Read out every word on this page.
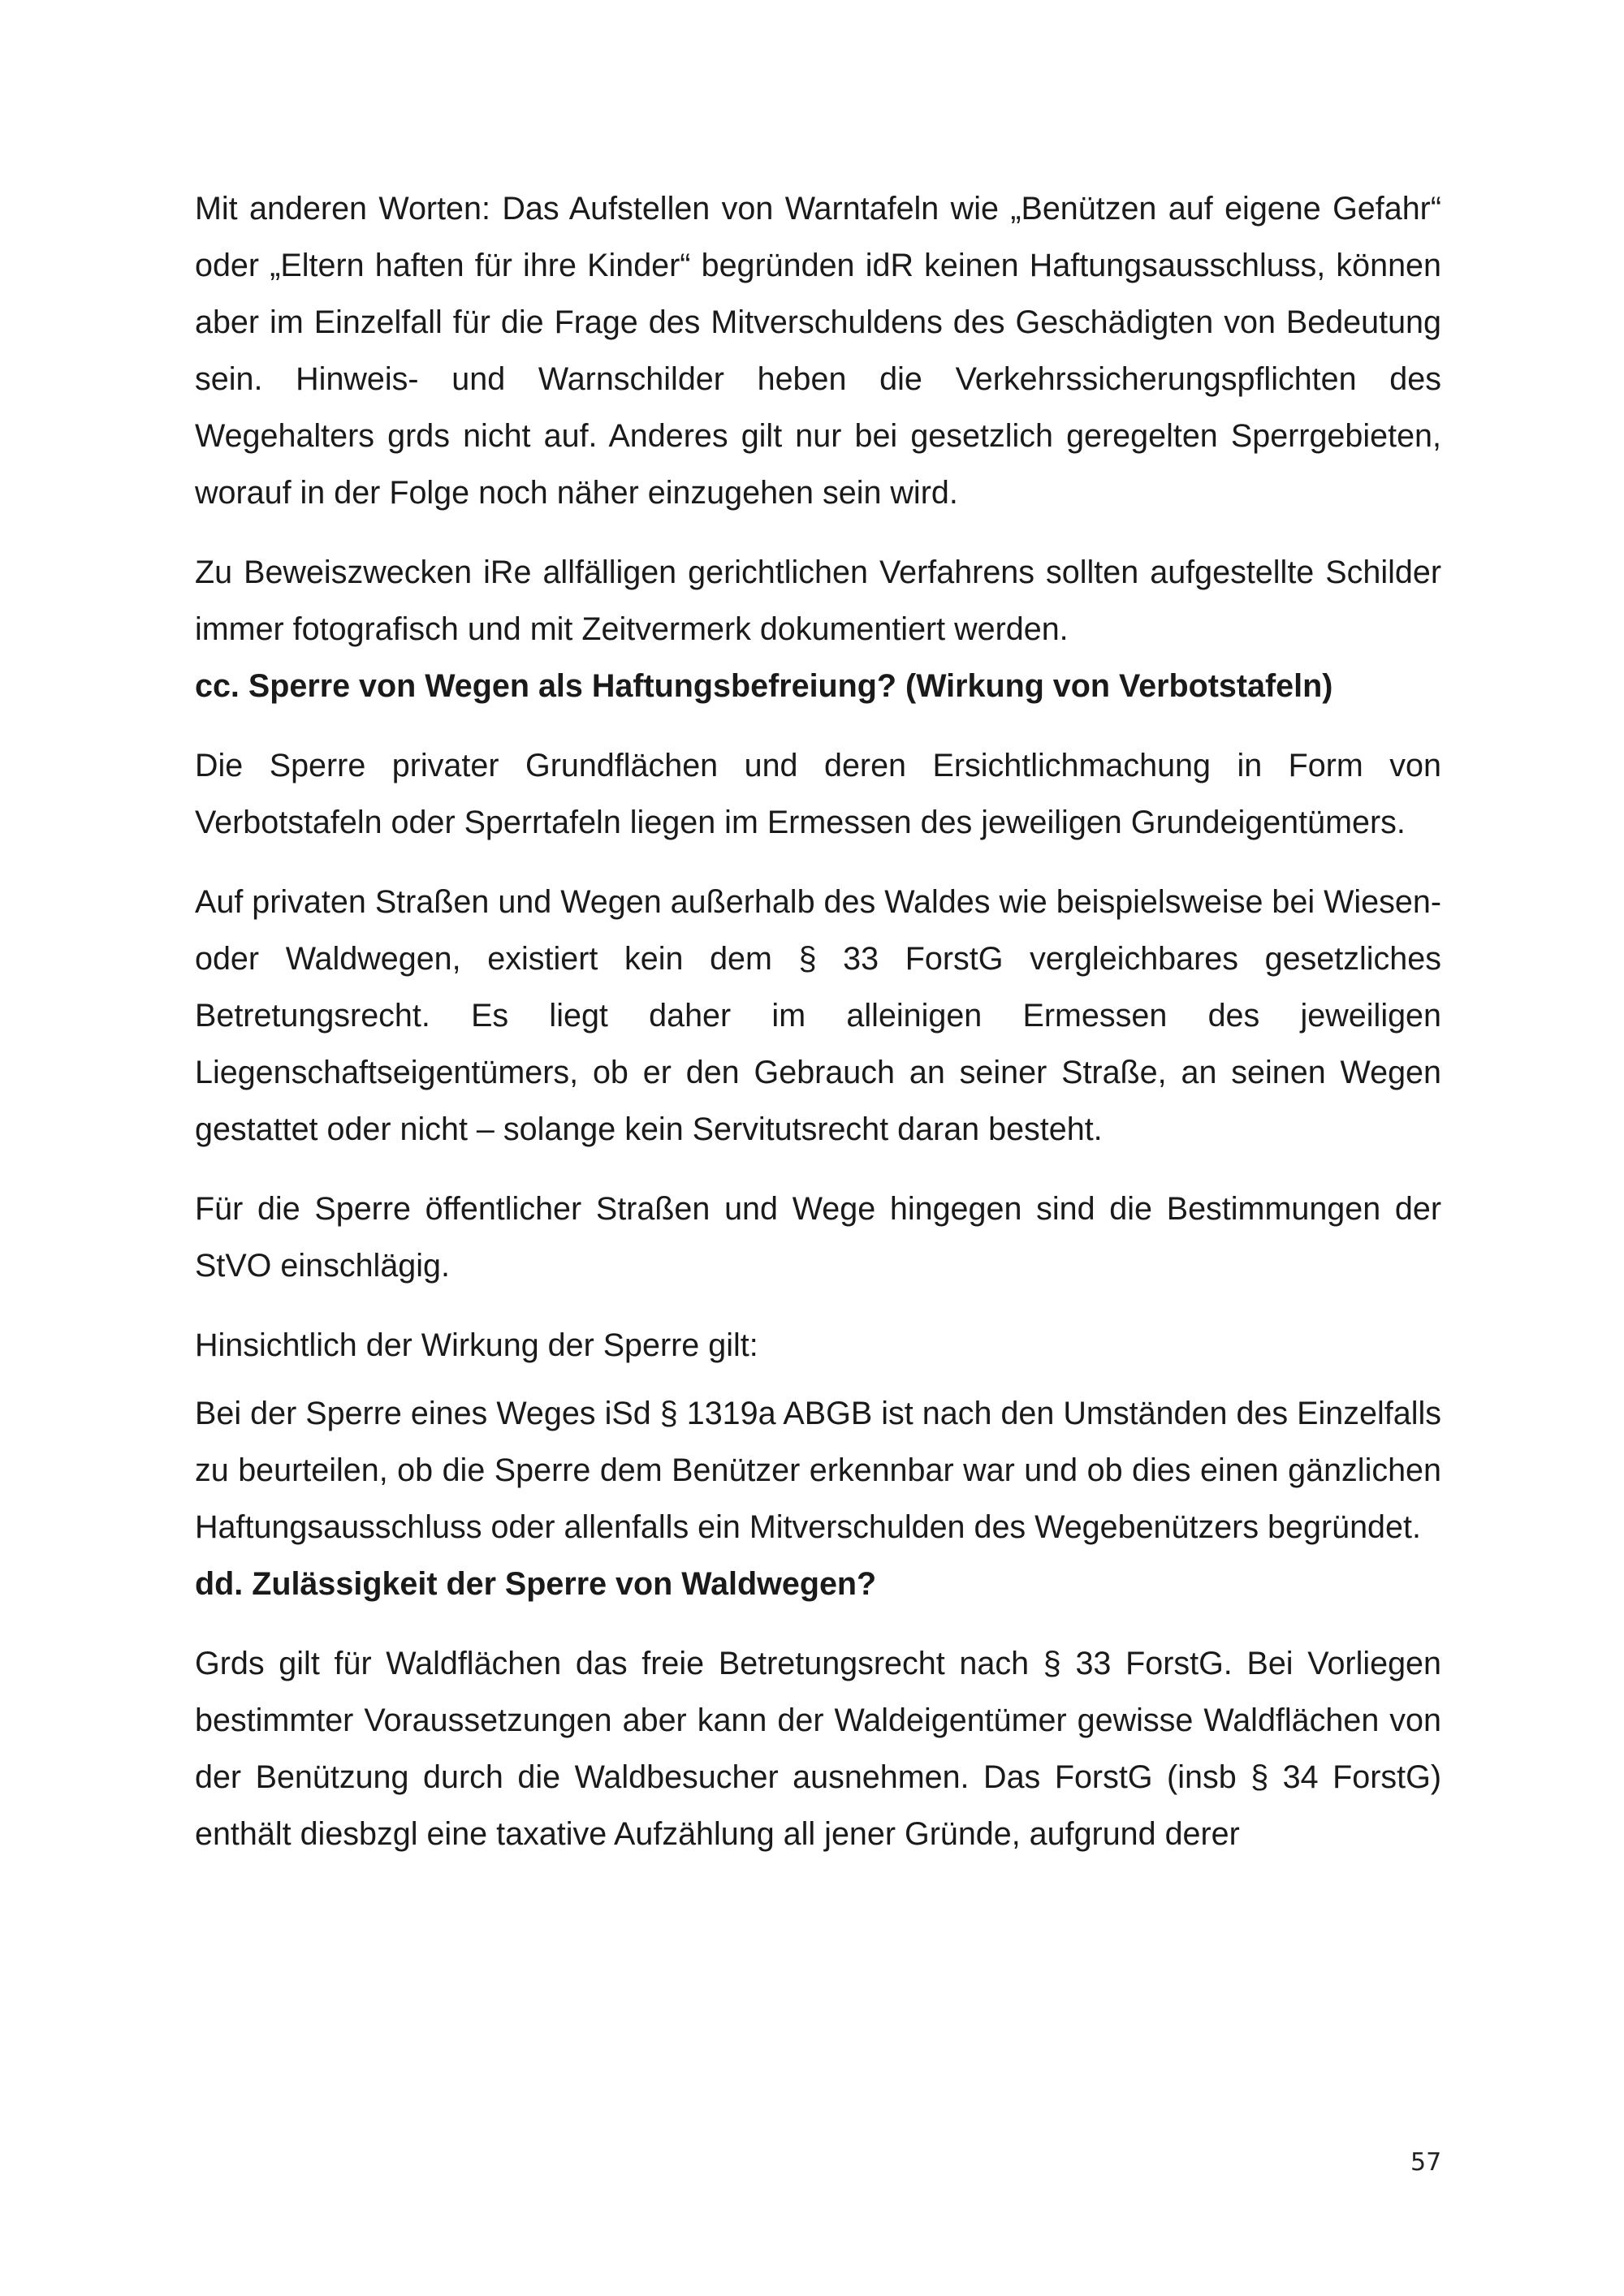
Mit anderen Worten: Das Aufstellen von Warntafeln wie „Benützen auf eigene Gefahr“ oder „Eltern haften für ihre Kinder“ begründen idR keinen Haftungsausschluss, können aber im Einzelfall für die Frage des Mitverschuldens des Geschädigten von Bedeutung sein. Hinweis- und Warnschilder heben die Verkehrssicherungspflichten des Wegehalters grds nicht auf. Anderes gilt nur bei gesetzlich geregelten Sperrgebieten, worauf in der Folge noch näher einzugehen sein wird.

Zu Beweiszwecken iRe allfälligen gerichtlichen Verfahrens sollten aufgestellte Schilder immer fotografisch und mit Zeitvermerk dokumentiert werden.

cc. Sperre von Wegen als Haftungsbefreiung? (Wirkung von Verbotstafeln)

Die Sperre privater Grundflächen und deren Ersichtlichmachung in Form von Verbotstafeln oder Sperrtafeln liegen im Ermessen des jeweiligen Grundeigentümers.

Auf privaten Straßen und Wegen außerhalb des Waldes wie beispielsweise bei Wiesen- oder Waldwegen, existiert kein dem § 33 ForstG vergleichbares gesetzliches Betretungsrecht. Es liegt daher im alleinigen Ermessen des jeweiligen Liegenschaftseigentümers, ob er den Gebrauch an seiner Straße, an seinen Wegen gestattet oder nicht – solange kein Servitutsrecht daran besteht.

Für die Sperre öffentlicher Straßen und Wege hingegen sind die Bestimmungen der StVO einschlägig.

Hinsichtlich der Wirkung der Sperre gilt:

Bei der Sperre eines Weges iSd § 1319a ABGB ist nach den Umständen des Einzelfalls zu beurteilen, ob die Sperre dem Benützer erkennbar war und ob dies einen gänzlichen Haftungsausschluss oder allenfalls ein Mitverschulden des Wegebenützers begründet.

dd. Zulässigkeit der Sperre von Waldwegen?

Grds gilt für Waldflächen das freie Betretungsrecht nach § 33 ForstG. Bei Vorliegen bestimmter Voraussetzungen aber kann der Waldeigentümer gewisse Waldflächen von der Benützung durch die Waldbesucher ausnehmen. Das ForstG (insb § 34 ForstG) enthält diesbzgl eine taxative Aufzählung all jener Gründe, aufgrund derer

57
